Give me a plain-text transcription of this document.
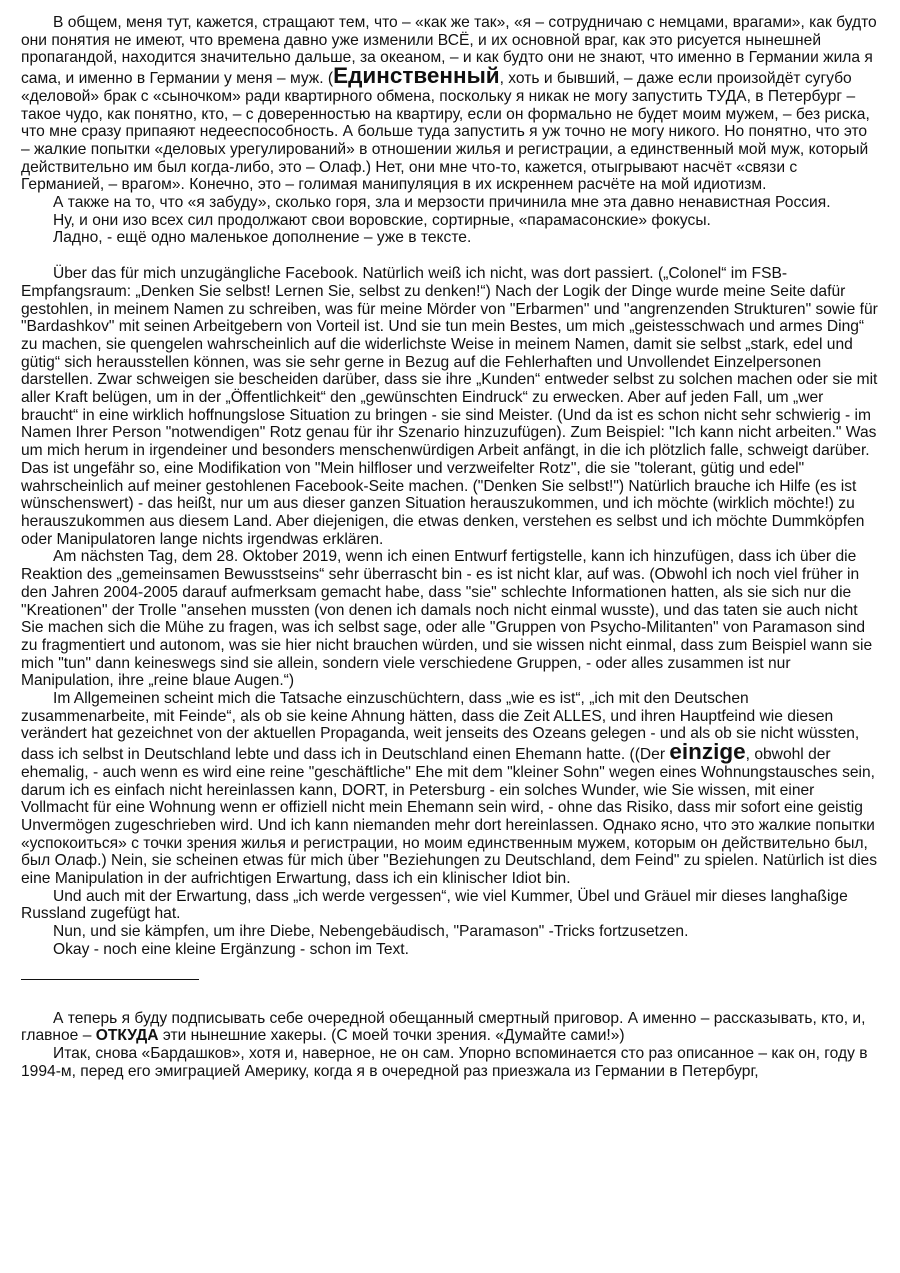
В общем, меня тут, кажется, стращают тем, что – «как же так», «я – сотрудничаю с немцами, врагами», как будто они понятия не имеют, что времена давно уже изменили ВСЁ, и их основной враг, как это рисуется нынешней пропагандой, находится значительно дальше, за океаном, – и как будто они не знают, что именно в Германии жила я сама, и именно в Германии у меня – муж. (Единственный, хоть и бывший, – даже если произойдёт сугубо «деловой» брак с «сыночком» ради квартирного обмена, поскольку я никак не могу запустить ТУДА, в Петербург – такое чудо, как понятно, кто, – с доверенностью на квартиру, если он формально не будет моим мужем, – без риска, что мне сразу припаяют недееспособность. А больше туда запустить я уж точно не могу никого. Но понятно, что это – жалкие попытки «деловых урегулирований» в отношении жилья и регистрации, а единственный мой муж, который действительно им был когда-либо, это – Олаф.) Нет, они мне что-то, кажется, отыгрывают насчёт «связи с Германией, – врагом». Конечно, это – голимая манипуляция в их искреннем расчёте на мой идиотизм.

А также на то, что «я забуду», сколько горя, зла и мерзости причинила мне эта давно ненавистная Россия.

Ну, и они изо всех сил продолжают свои воровские, сортирные, «парамасонские» фокусы.

Ладно, - ещё одно маленькое дополнение – уже в тексте.

Über das für mich unzugängliche Facebook. Natürlich weiß ich nicht, was dort passiert. („Colonel“ im FSB-Empfangsraum: „Denken Sie selbst! Lernen Sie, selbst zu denken!“) Nach der Logik der Dinge wurde meine Seite dafür gestohlen, in meinem Namen zu schreiben, was für meine Mörder von "Erbarmen" und "angrenzenden Strukturen" sowie für "Bardashkov" mit seinen Arbeitgebern von Vorteil ist. Und sie tun mein Bestes, um mich „geistesschwach und armes Ding“ zu machen, sie quengelen wahrscheinlich auf die widerlichste Weise in meinem Namen, damit sie selbst „stark, edel und gütig“ sich herausstellen können, was sie sehr gerne in Bezug auf die Fehlerhaften und Unvollendet Einzelpersonen darstellen. Zwar schweigen sie bescheiden darüber, dass sie ihre „Kunden“ entweder selbst zu solchen machen oder sie mit aller Kraft belügen, um in der „Öffentlichkeit“ den „gewünschten Eindruck“ zu erwecken. Aber auf jeden Fall, um „wer braucht“ in eine wirklich hoffnungslose Situation zu bringen - sie sind Meister. (Und da ist es schon nicht sehr schwierig - im Namen Ihrer Person "notwendigen" Rotz genau für ihr Szenario hinzuzufügen). Zum Beispiel: "Ich kann nicht arbeiten." Was um mich herum in irgendeiner und besonders menschenwürdigen Arbeit anfängt, in die ich plötzlich falle, schweigt darüber. Das ist ungefähr so, eine Modifikation von "Mein hilfloser und verzweifelter Rotz", die sie "tolerant, gütig und edel" wahrscheinlich auf meiner gestohlenen Facebook-Seite machen. ("Denken Sie selbst!") Natürlich brauche ich Hilfe (es ist wünschenswert) - das heißt, nur um aus dieser ganzen Situation herauszukommen, und ich möchte (wirklich möchte!) zu herauszukommen aus diesem Land. Aber diejenigen, die etwas denken, verstehen es selbst und ich möchte Dummköpfen oder Manipulatoren lange nichts irgendwas erklären.

Am nächsten Tag, dem 28. Oktober 2019, wenn ich einen Entwurf fertigstelle, kann ich hinzufügen, dass ich über die Reaktion des „gemeinsamen Bewusstseins“ sehr überrascht bin - es ist nicht klar, auf was. (Obwohl ich noch viel früher in den Jahren 2004-2005 darauf aufmerksam gemacht habe, dass "sie" schlechte Informationen hatten, als sie sich nur die "Kreationen" der Trolle "ansehen mussten (von denen ich damals noch nicht einmal wusste), und das taten sie auch nicht Sie machen sich die Mühe zu fragen, was ich selbst sage, oder alle "Gruppen von Psycho-Militanten" von Paramason sind zu fragmentiert und autonom, was sie hier nicht brauchen würden, und sie wissen nicht einmal, dass zum Beispiel wann sie mich "tun" dann keineswegs sind sie allein, sondern viele verschiedene Gruppen, - oder alles zusammen ist nur Manipulation, ihre „reine blaue Augen.“)

Im Allgemeinen scheint mich die Tatsache einzuschüchtern, dass „wie es ist“, „ich mit den Deutschen zusammenarbeite, mit Feinde“, als ob sie keine Ahnung hätten, dass die Zeit ALLES, und ihren Hauptfeind wie diesen verändert hat gezeichnet von der aktuellen Propaganda, weit jenseits des Ozeans gelegen - und als ob sie nicht wüssten, dass ich selbst in Deutschland lebte und dass ich in Deutschland einen Ehemann hatte. ((Der einzige, obwohl der ehemalig, - auch wenn es wird eine reine "geschäftliche" Ehe mit dem "kleiner Sohn" wegen eines Wohnungstausches sein, darum ich es einfach nicht hereinlassen kann, DORT, in Petersburg - ein solches Wunder, wie Sie wissen, mit einer Vollmacht für eine Wohnung wenn er offiziell nicht mein Ehemann sein wird, - ohne das Risiko, dass mir sofort eine geistig Unvermögen zugeschrieben wird. Und ich kann niemanden mehr dort hereinlassen. Однако ясно, что это жалкие попытки «успокоиться» с точки зрения жилья и регистрации, но моим единственным мужем, которым он действительно был, был Олаф.) Nein, sie scheinen etwas für mich über "Beziehungen zu Deutschland, dem Feind" zu spielen. Natürlich ist dies eine Manipulation in der aufrichtigen Erwartung, dass ich ein klinischer Idiot bin.

Und auch mit der Erwartung, dass „ich werde vergessen“, wie viel Kummer, Übel und Gräuel mir dieses langhaßige Russland zugefügt hat.

Nun, und sie kämpfen, um ihre Diebe, Nebengebäudisch, "Paramason" -Tricks fortzusetzen.

Okay - noch eine kleine Ergänzung - schon im Text.

А теперь я буду подписывать себе очередной обещанный смертный приговор. А именно – рассказывать, кто, и, главное – ОТКУДА эти нынешние хакеры. (С моей точки зрения. «Думайте сами!»)

Итак, снова «Бардашков», хотя и, наверное, не он сам. Упорно вспоминается сто раз описанное – как он, году в 1994-м, перед его эмиграцией Америку, когда я в очередной раз приезжала из Германии в Петербург,
